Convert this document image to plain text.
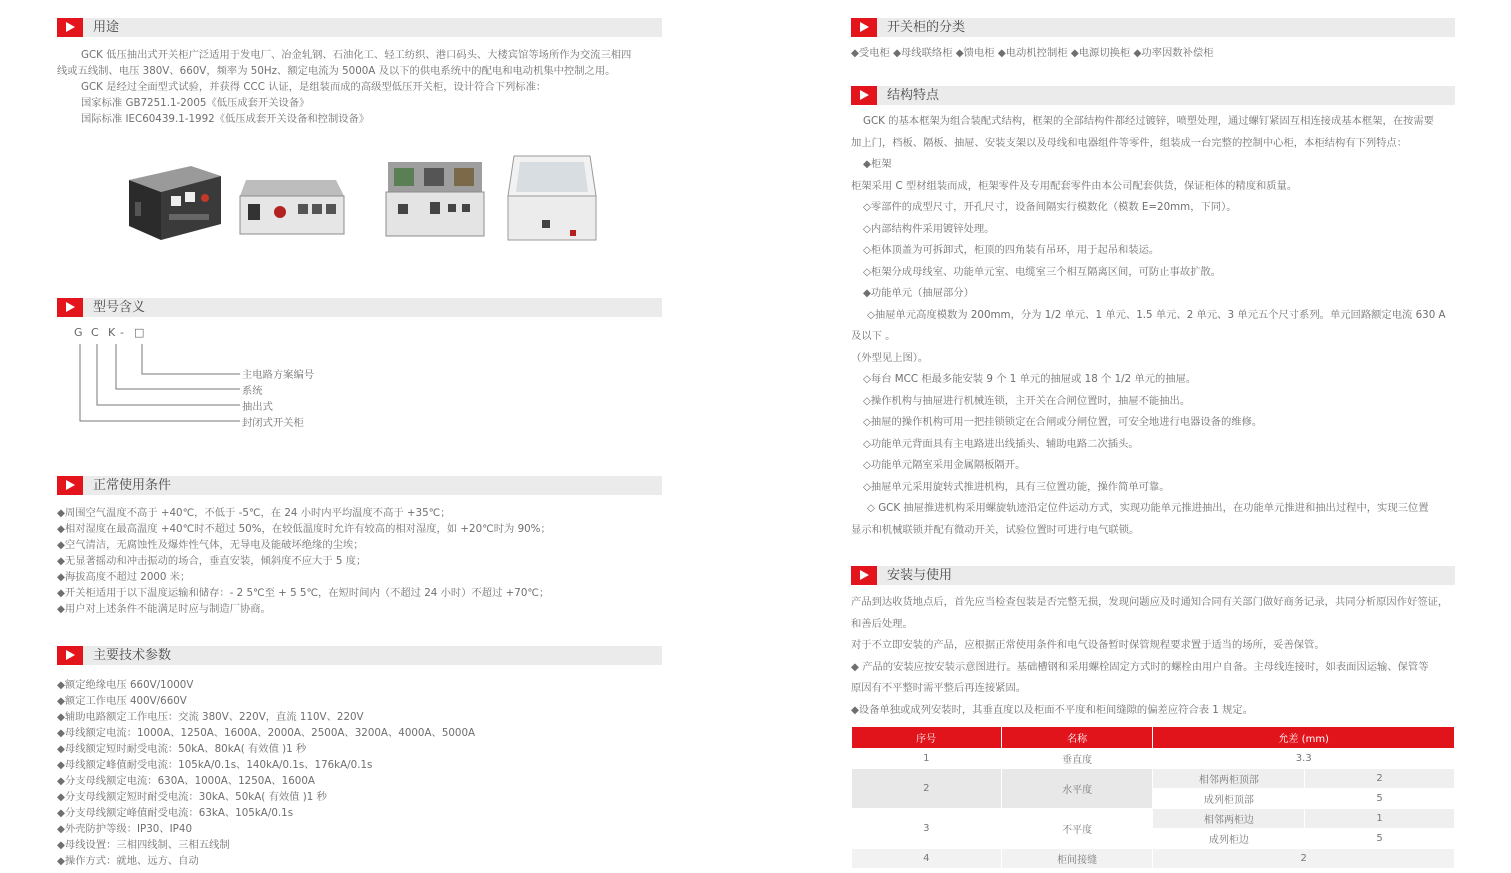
用途
GCK 低压抽出式开关柜广泛适用于发电厂、冶金轧钢、石油化工、轻工纺织、港口码头、大楼宾馆等场所作为交流三相四
线或五线制、电压 380V、660V，频率为 50Hz、额定电流为 5000A 及以下的供电系统中的配电和电动机集中控制之用。
GCK 是经过全面型式试验，并获得 CCC 认证，是组装而成的高级型低压开关柜，设计符合下列标准：
国家标准 GB7251.1-2005《低压成套开关设备》
国际标准 IEC60439.1-1992《低压成套开关设备和控制设备》
型号含义
G C K - □
主电路方案编号
系统
抽出式
封闭式开关柜
正常使用条件
◆周围空气温度不高于 +40℃，不低于 -5℃，在 24 小时内平均温度不高于 +35℃；
◆相对湿度在最高温度 +40℃时不超过 50%，在较低温度时允许有较高的相对湿度，如 +20℃时为 90%；
◆空气清洁，无腐蚀性及爆炸性气体，无导电及能破坏绝缘的尘埃；
◆无显著摇动和冲击振动的场合，垂直安装，倾斜度不应大于 5 度；
◆海拔高度不超过 2000 米；
◆开关柜适用于以下温度运输和储存：- 2 5℃至 + 5 5℃，在短时间内（不超过 24 小时）不超过 +70℃；
◆用户对上述条件不能满足时应与制造厂协商。
主要技术参数
◆额定绝缘电压 660V/1000V
◆额定工作电压 400V/660V
◆辅助电路额定工作电压：交流 380V、220V，直流 110V、220V
◆母线额定电流：1000A、1250A、1600A、2000A、2500A、3200A、4000A、5000A
◆母线额定短时耐受电流：50kA、80kA( 有效值 )1 秒
◆母线额定峰值耐受电流：105kA/0.1s、140kA/0.1s、176kA/0.1s
◆分支母线额定电流：630A、1000A、1250A、1600A
◆分支母线额定短时耐受电流：30kA、50kA( 有效值 )1 秒
◆分支母线额定峰值耐受电流：63kA、105kA/0.1s
◆外壳防护等级：IP30、IP40
◆母线设置：三相四线制、三相五线制
◆操作方式：就地、远方、自动
开关柜的分类
◆受电柜 ◆母线联络柜 ◆馈电柜 ◆电动机控制柜 ◆电源切换柜 ◆功率因数补偿柜
结构特点
GCK 的基本框架为组合装配式结构，框架的全部结构件都经过镀锌，喷塑处理，通过螺钉紧固互相连接成基本框架，在按需要
加上门，档板、隔板、抽屉、安装支架以及母线和电器组件等零件，组装成一台完整的控制中心柜，本柜结构有下列特点：
◆柜架
柜架采用 C 型材组装而成，柜架零件及专用配套零件由本公司配套供货，保证柜体的精度和质量。
◇零部件的成型尺寸，开孔尺寸，设备间隔实行模数化（模数 E=20mm，下同）。
◇内部结构件采用镀锌处理。
◇柜体顶盖为可拆卸式，柜顶的四角装有吊环，用于起吊和装运。
◇柜架分成母线室、功能单元室、电缆室三个相互隔离区间，可防止事故扩散。
◆功能单元（抽屉部分）
◇抽屉单元高度模数为 200mm，分为 1/2 单元、1 单元、1.5 单元、2 单元、3 单元五个尺寸系列。单元回路额定电流 630 A
及以下 。
（外型见上图）。
◇每台 MCC 柜最多能安装 9 个 1 单元的抽屉或 18 个 1/2 单元的抽屉。
◇操作机构与抽屉进行机械连锁，主开关在合闸位置时，抽屉不能抽出。
◇抽屉的操作机构可用一把挂锁锁定在合闸或分闸位置，可安全地进行电器设备的维修。
◇功能单元背面具有主电路进出线插头、辅助电路二次插头。
◇功能单元隔室采用金属隔板隔开。
◇抽屉单元采用旋转式推进机构，具有三位置功能，操作简单可靠。
◇ GCK 抽屉推进机构采用螺旋轨迹沿定位件运动方式，实现功能单元推进抽出，在功能单元推进和抽出过程中，实现三位置
显示和机械联锁并配有微动开关，试验位置时可进行电气联锁。
安装与使用
产品到达收货地点后，首先应当检查包装是否完整无损，发现问题应及时通知合同有关部门做好商务记录，共同分析原因作好签证，
和善后处理。
对于不立即安装的产品，应根据正常使用条件和电气设备暂时保管规程要求置于适当的场所，妥善保管。
◆ 产品的安装应按安装示意图进行。基础槽钢和采用螺栓固定方式时的螺栓由用户自备。主母线连接时，如表面因运输、保管等
原因有不平整时需平整后再连接紧固。
◆设备单独或成列安装时，其垂直度以及柜面不平度和柜间缝隙的偏差应符合表 1 规定。
序号	名称	允差 (mm)	
1	垂直度	3.3	
2	水平度	相邻两柜顶部	2
		成列柜顶部	5
3	不平度	相邻两柜边	1
		成列柜边	5
4	柜间接缝	2	
